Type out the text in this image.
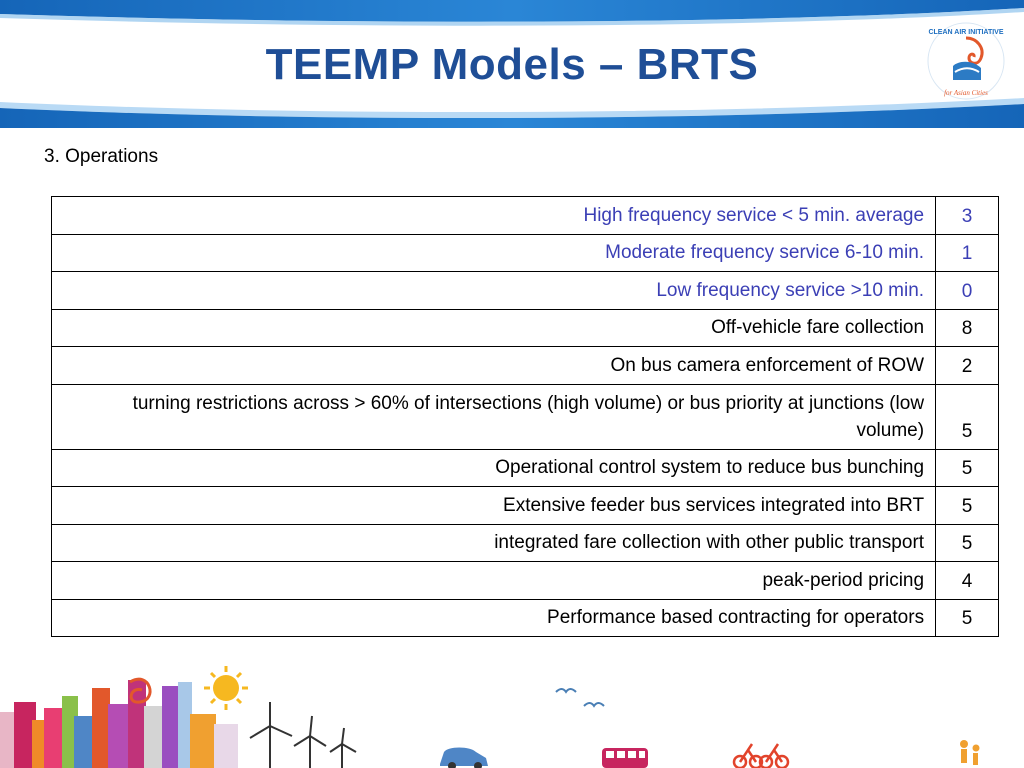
TEEMP Models – BRTS
CLEAN AIR INITIATIVE
for Asian Cities
3. Operations
High frequency service < 5 min. average	3
Moderate frequency service 6-10 min.	1
Low frequency service >10 min.	0
Off-vehicle fare collection	8
On bus camera enforcement of ROW	2
turning restrictions across > 60% of intersections (high volume) or bus priority at junctions (low volume)	5
Operational control system to reduce bus bunching	5
Extensive feeder bus services integrated into BRT	5
integrated fare collection with other public transport	5
peak-period pricing	4
Performance based contracting for operators	5
